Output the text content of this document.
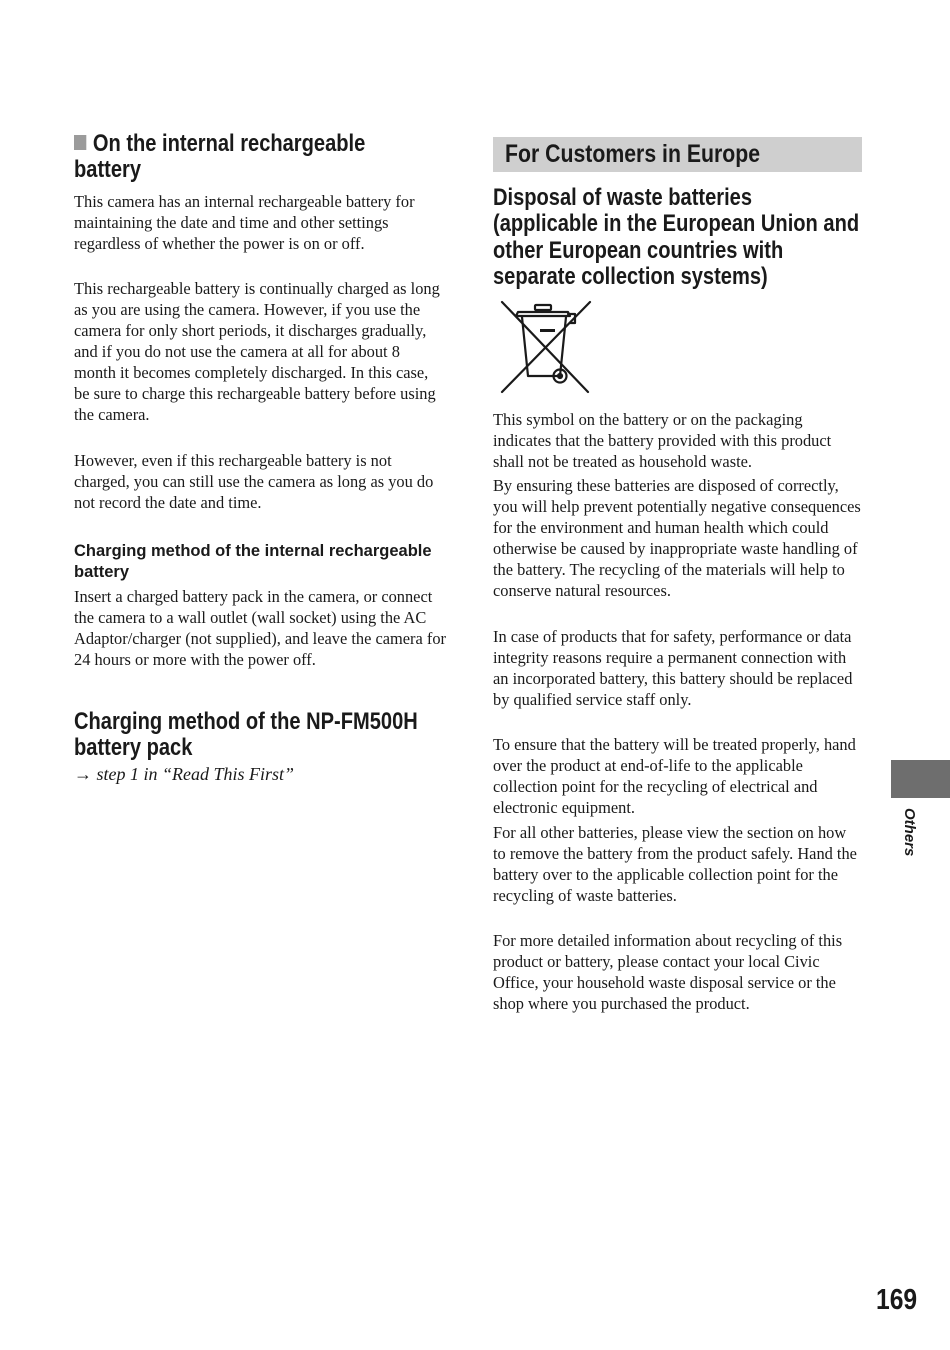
On the internal rechargeable
battery

This camera has an internal rechargeable battery for maintaining the date and time and other settings regardless of whether the power is on or off.

This rechargeable battery is continually charged as long as you are using the camera. However, if you use the camera for only short periods, it discharges gradually, and if you do not use the camera at all for about 8 month it becomes completely discharged. In this case, be sure to charge this rechargeable battery before using the camera.

However, even if this rechargeable battery is not charged, you can still use the camera as long as you do not record the date and time.

Charging method of the internal rechargeable battery

Insert a charged battery pack in the camera, or connect the camera to a wall outlet (wall socket) using the AC Adaptor/charger (not supplied), and leave the camera for 24 hours or more with the power off.

Charging method of the NP-FM500H
battery pack
→ step 1 in “Read This First”
For Customers in Europe
Disposal of waste batteries
(applicable in the European Union and
other European countries with
separate collection systems)

This symbol on the battery or on the packaging indicates that the battery provided with this product shall not be treated as household waste.

By ensuring these batteries are disposed of correctly, you will help prevent potentially negative consequences for the environment and human health which could otherwise be caused by inappropriate waste handling of the battery. The recycling of the materials will help to conserve natural resources.

In case of products that for safety, performance or data integrity reasons require a permanent connection with an incorporated battery, this battery should be replaced by qualified service staff only.

To ensure that the battery will be treated properly, hand over the product at end-of-life to the applicable collection point for the recycling of electrical and electronic equipment.

For all other batteries, please view the section on how to remove the battery from the product safely. Hand the battery over to the applicable collection point for the recycling of waste batteries.

For more detailed information about recycling of this product or battery, please contact your local Civic Office, your household waste disposal service or the shop where you purchased the product.

Others
169
